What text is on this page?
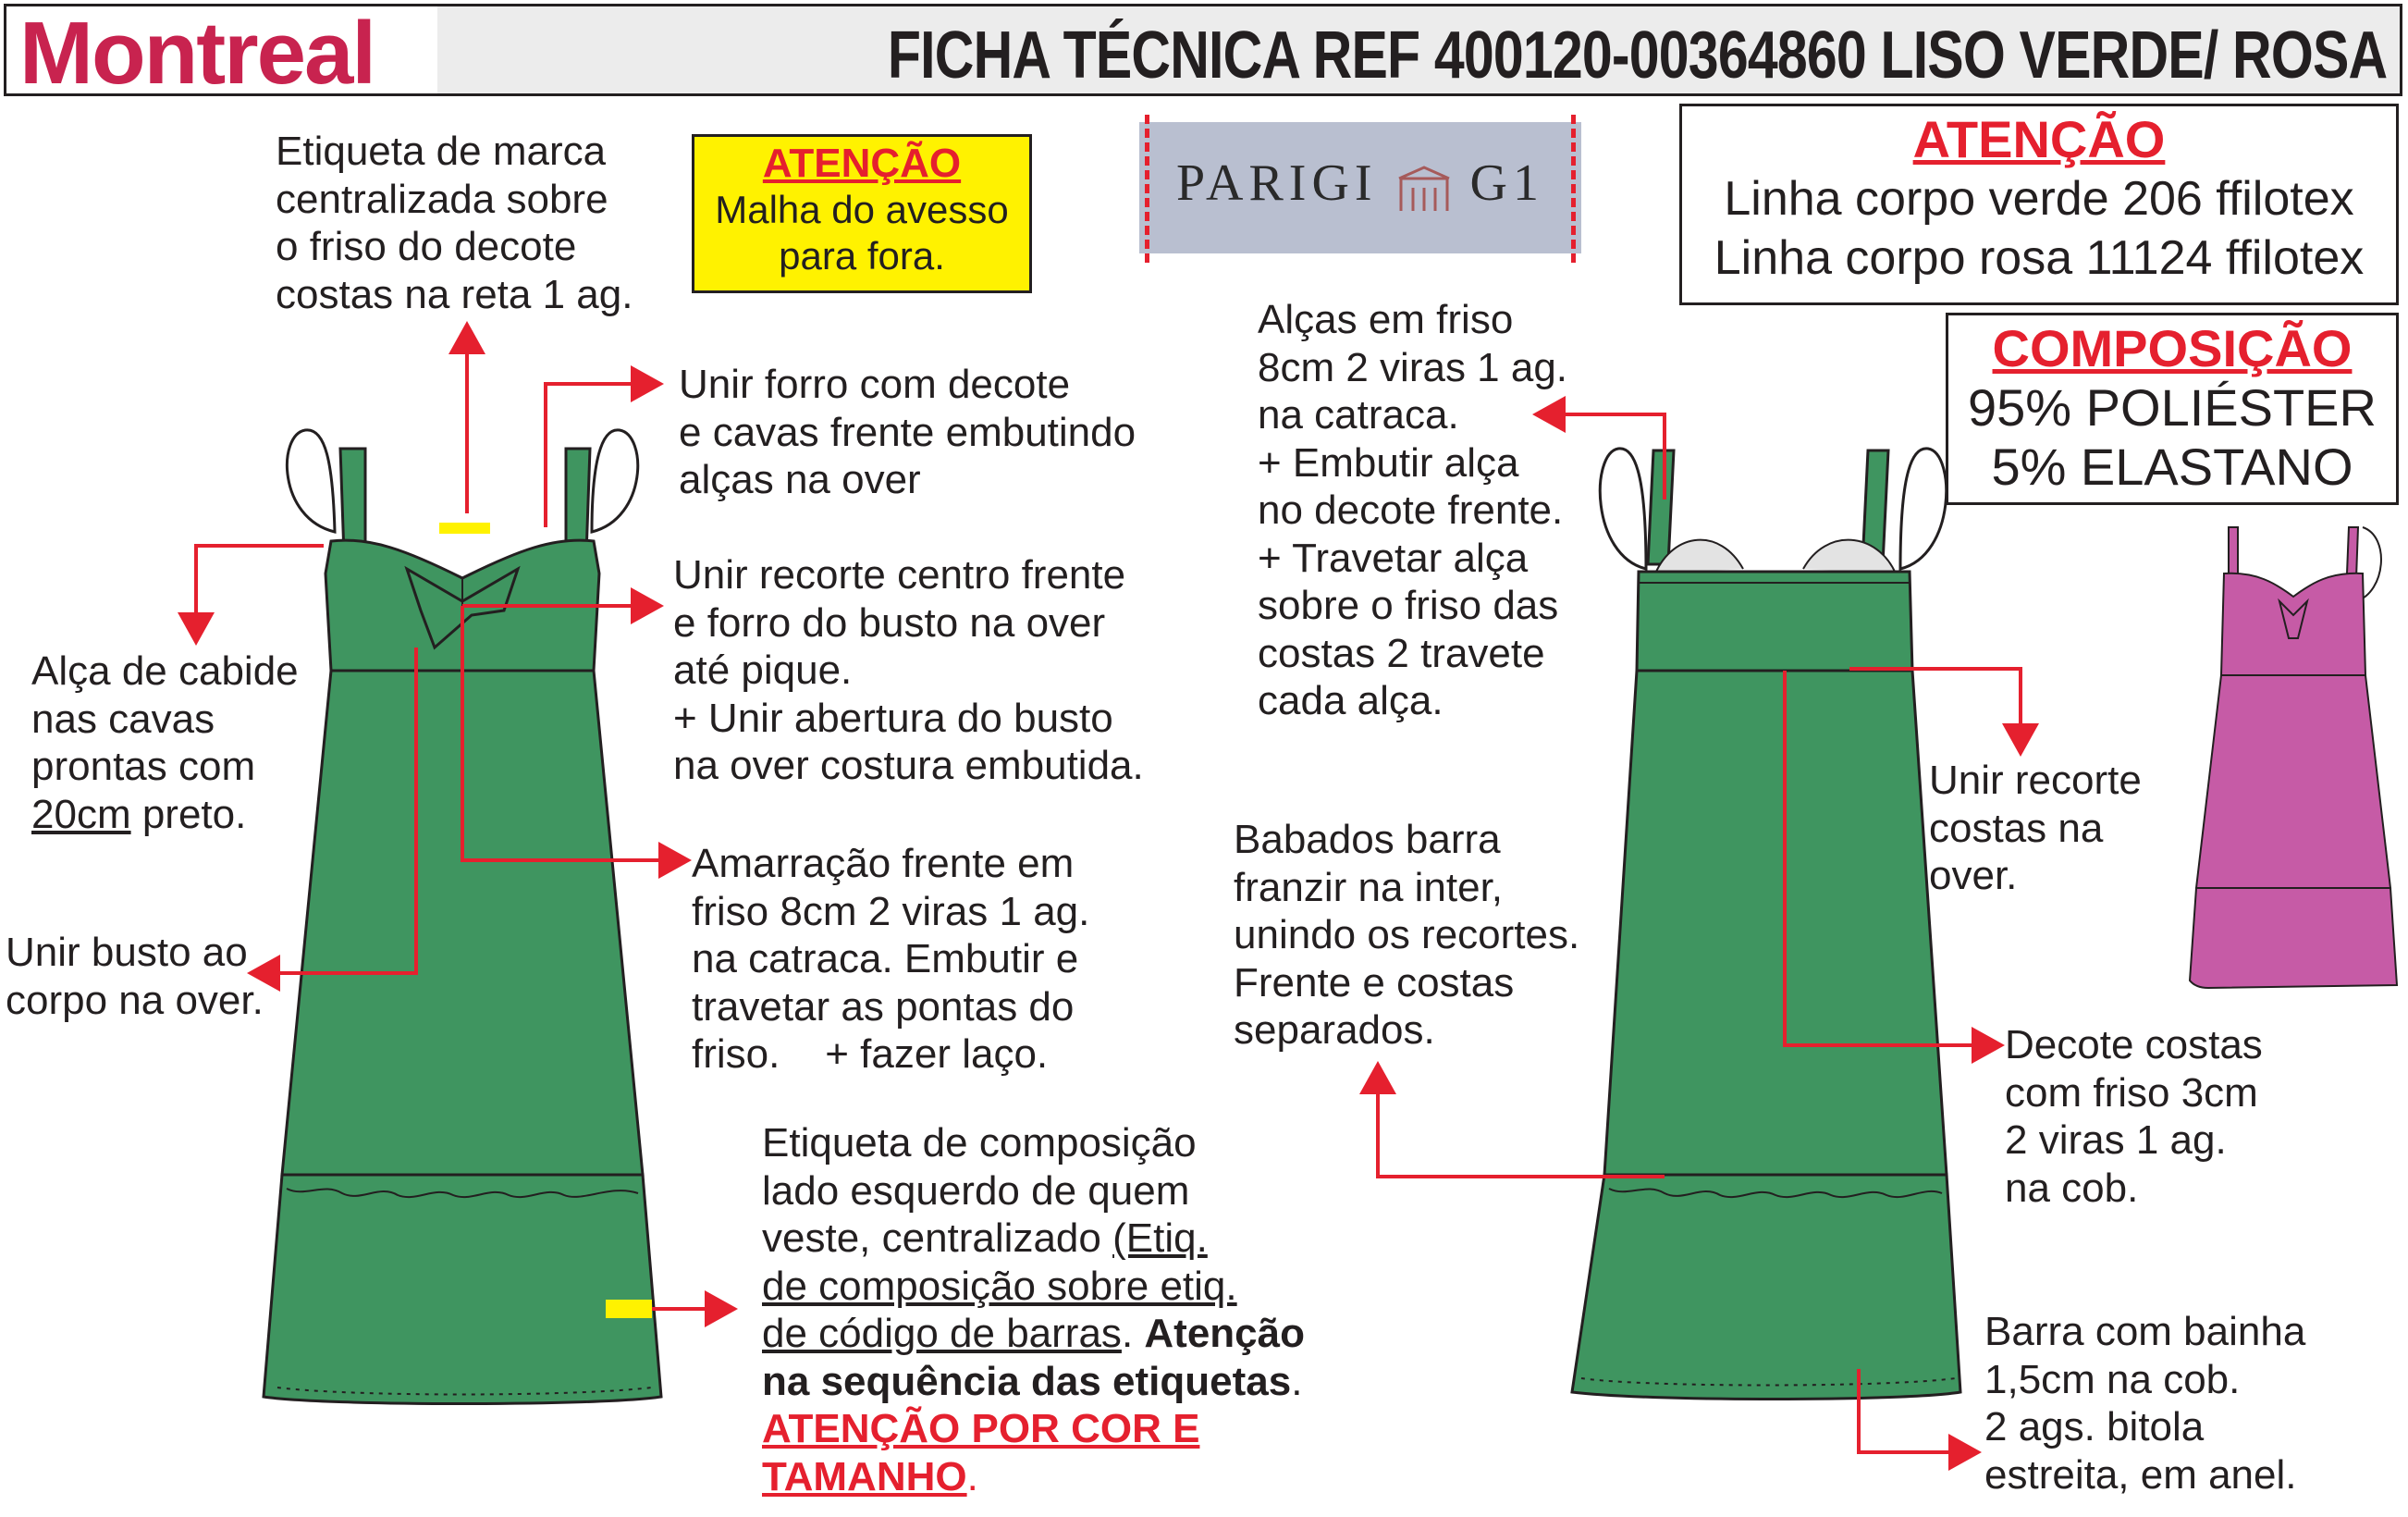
Montreal	FICHA TÉCNICA REF 400120-00364860 LISO VERDE/ ROSA
PARIGI G1
ATENÇÃO
Malha do avesso
para fora.
ATENÇÃO
Linha corpo verde 206 ffilotex
Linha corpo rosa 11124 ffilotex
COMPOSIÇÃO
95% POLIÉSTER
5% ELASTANO
Etiqueta de marca
centralizada sobre
o friso do decote
costas na reta 1 ag.
Unir forro com decote
e cavas frente embutindo
alças na over
Unir recorte centro frente
e forro do busto na over
até pique.
+ Unir abertura do busto
na over costura embutida.
Alça de cabide
nas cavas
prontas com
20cm preto.
Unir busto ao
corpo na over.
Amarração frente em
friso 8cm 2 viras 1 ag.
na catraca. Embutir e
travetar as pontas do
friso.    + fazer laço.
Etiqueta de composição
lado esquerdo de quem
veste, centralizado (Etiq.
de composição sobre etiq.
de código de barras. Atenção
na sequência das etiquetas.
ATENÇÃO POR COR E
TAMANHO.
Alças em friso
8cm 2 viras 1 ag.
na catraca.
+ Embutir alça
no decote frente.
+ Travetar alça
sobre o friso das
costas 2 travete
cada alça.
Unir recorte
costas na
over.
Babados barra
franzir na inter,
unindo os recortes.
Frente e costas
separados.	Decote costas
com friso 3cm
2 viras 1 ag.
na cob.
Barra com bainha
1,5cm na cob.
2 ags. bitola
estreita, em anel.
